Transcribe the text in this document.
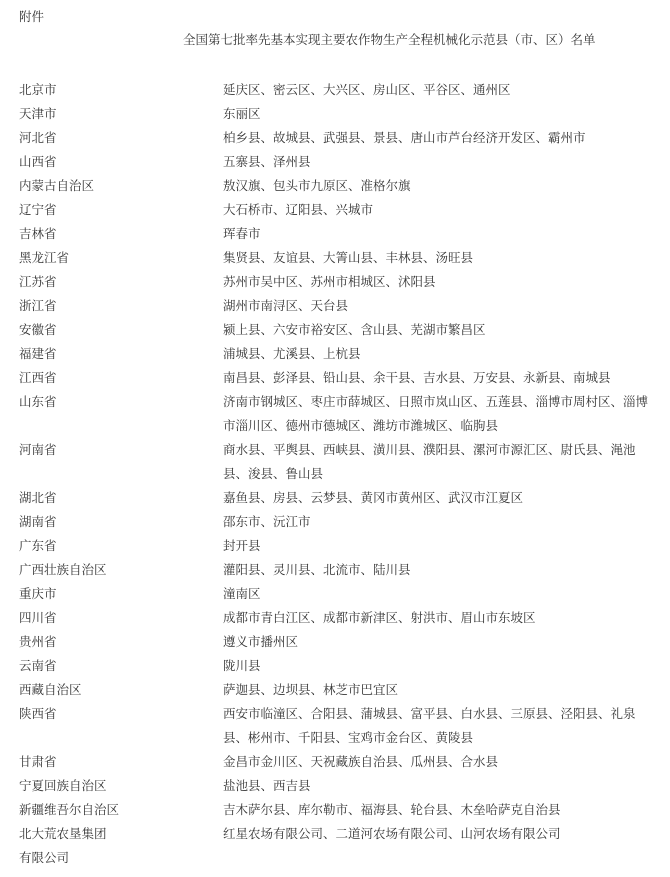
附件
全国第七批率先基本实现主要农作物生产全程机械化示范县（市、区）名单
北京市	延庆区、密云区、大兴区、房山区、平谷区、通州区
天津市	东丽区
河北省	柏乡县、故城县、武强县、景县、唐山市芦台经济开发区、霸州市
山西省	五寨县、泽州县
内蒙古自治区	敖汉旗、包头市九原区、准格尔旗
辽宁省	大石桥市、辽阳县、兴城市
吉林省	珲春市
黑龙江省	集贤县、友谊县、大箐山县、丰林县、汤旺县
江苏省	苏州市吴中区、苏州市相城区、沭阳县
浙江省	湖州市南浔区、天台县
安徽省	颍上县、六安市裕安区、含山县、芜湖市繁昌区
福建省	浦城县、尤溪县、上杭县
江西省	南昌县、彭泽县、铅山县、余干县、吉水县、万安县、永新县、南城县
山东省	济南市钢城区、枣庄市薛城区、日照市岚山区、五莲县、淄博市周村区、淄博市淄川区、德州市德城区、潍坊市潍城区、临朐县
河南省	商水县、平舆县、西峡县、潢川县、濮阳县、漯河市源汇区、尉氏县、渑池县、浚县、鲁山县
湖北省	嘉鱼县、房县、云梦县、黄冈市黄州区、武汉市江夏区
湖南省	邵东市、沅江市
广东省	封开县
广西壮族自治区	灌阳县、灵川县、北流市、陆川县
重庆市	潼南区
四川省	成都市青白江区、成都市新津区、射洪市、眉山市东坡区
贵州省	遵义市播州区
云南省	陇川县
西藏自治区	萨迦县、边坝县、林芝市巴宜区
陕西省	西安市临潼区、合阳县、蒲城县、富平县、白水县、三原县、泾阳县、礼泉县、彬州市、千阳县、宝鸡市金台区、黄陵县
甘肃省	金昌市金川区、天祝藏族自治县、瓜州县、合水县
宁夏回族自治区	盐池县、西吉县
新疆维吾尔自治区	吉木萨尔县、库尔勒市、福海县、轮台县、木垒哈萨克自治县
北大荒农垦集团	红星农场有限公司、二道河农场有限公司、山河农场有限公司
有限公司
